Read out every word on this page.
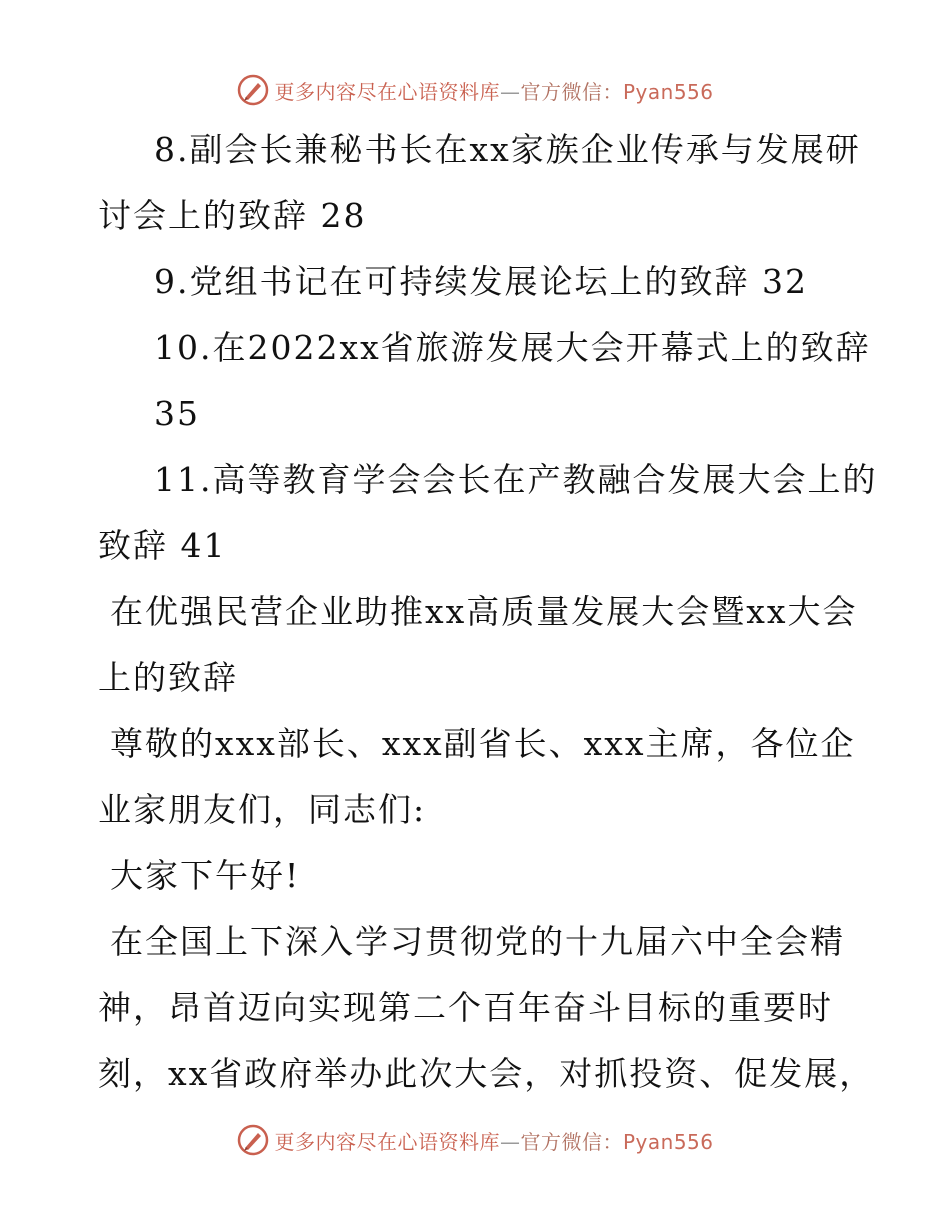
更多内容尽在心语资料库—官方微信：Pyan556
8.副会长兼秘书长在xx家族企业传承与发展研
讨会上的致辞 28
9.党组书记在可持续发展论坛上的致辞 32
10.在2022xx省旅游发展大会开幕式上的致辞
35
11.高等教育学会会长在产教融合发展大会上的
致辞 41
在优强民营企业助推xx高质量发展大会暨xx大会
上的致辞
尊敬的xxx部长、xxx副省长、xxx主席，各位企
业家朋友们，同志们:
大家下午好!
在全国上下深入学习贯彻党的十九届六中全会精
神，昂首迈向实现第二个百年奋斗目标的重要时
刻，xx省政府举办此次大会，对抓投资、促发展，
更多内容尽在心语资料库—官方微信：Pyan556
